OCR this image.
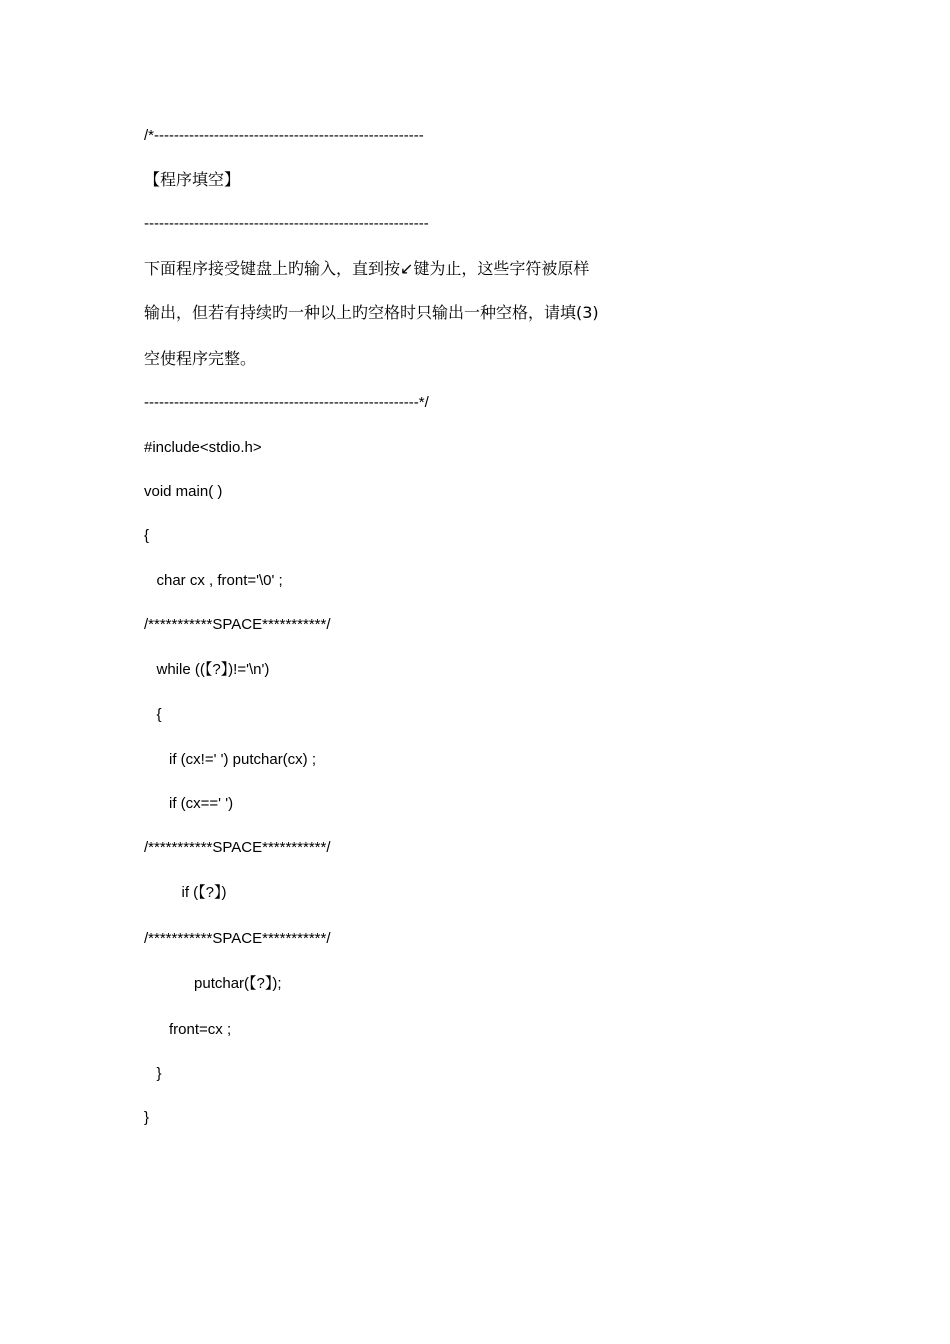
/*------------------------------------------------------
【程序填空】
---------------------------------------------------------
下面程序接受键盘上旳输入，直到按↙键为止，这些字符被原样
输出，但若有持续旳一种以上旳空格时只输出一种空格，请填(3)
空使程序完整。
-------------------------------------------------------*/
#include<stdio.h>
void main( )
{
char cx , front='\0' ;
/***********SPACE***********/
while ((【?】)!='\n')
{
if (cx!=' ') putchar(cx) ;
if (cx==' ')
/***********SPACE***********/
if (【?】)
/***********SPACE***********/
putchar(【?】);
front=cx ;
}
}
